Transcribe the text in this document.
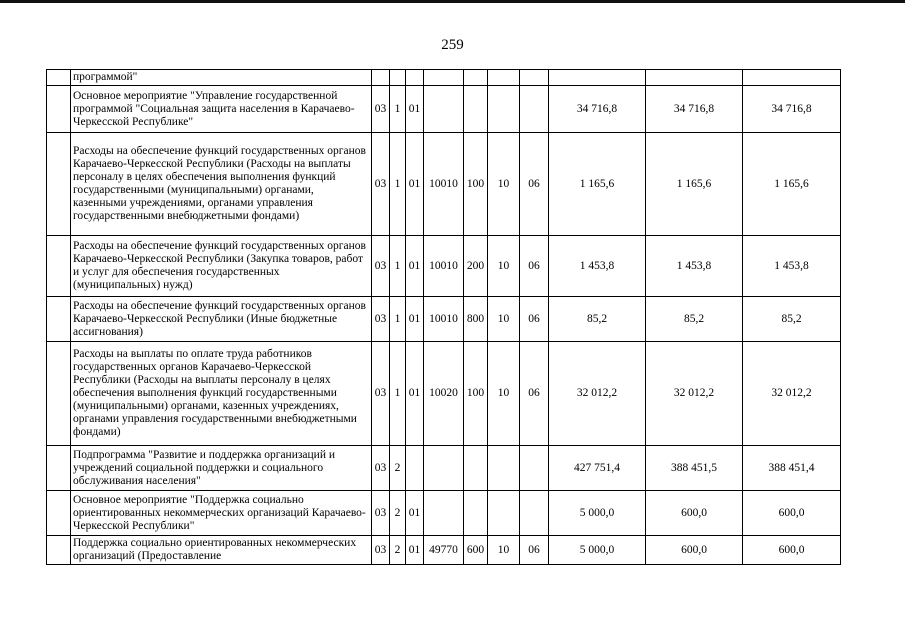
259
	программой"										
	Основное мероприятие "Управление государственной программой "Социальная защита населения в Карачаево-Черкесской Республике"	03	1	01					34 716,8	34 716,8	34 716,8
	Расходы на обеспечение функций государственных органов Карачаево-Черкесской Республики (Расходы на выплаты персоналу в целях обеспечения выполнения функций государственными (муниципальными) органами, казенными учреждениями, органами управления государственными внебюджетными фондами)	03	1	01	10010	100	10	06	1 165,6	1 165,6	1 165,6
	Расходы на обеспечение функций государственных органов Карачаево-Черкесской Республики (Закупка товаров, работ и услуг для обеспечения государственных (муниципальных) нужд)	03	1	01	10010	200	10	06	1 453,8	1 453,8	1 453,8
	Расходы на обеспечение функций государственных органов Карачаево-Черкесской Республики (Иные бюджетные ассигнования)	03	1	01	10010	800	10	06	85,2	85,2	85,2
	Расходы на выплаты по оплате труда работников государственных органов Карачаево-Черкесской Республики (Расходы на выплаты персоналу в целях обеспечения выполнения функций государственными (муниципальными) органами, казенных учреждениях, органами управления государственными внебюджетными фондами)	03	1	01	10020	100	10	06	32 012,2	32 012,2	32 012,2
	Подпрограмма "Развитие и поддержка организаций и учреждений социальной поддержки и социального обслуживания населения"	03	2						427 751,4	388 451,5	388 451,4
	Основное мероприятие "Поддержка социально ориентированных некоммерческих организаций Карачаево-Черкесской Республики"	03	2	01					5 000,0	600,0	600,0
	Поддержка социально ориентированных некоммерческих организаций (Предоставление	03	2	01	49770	600	10	06	5 000,0	600,0	600,0
